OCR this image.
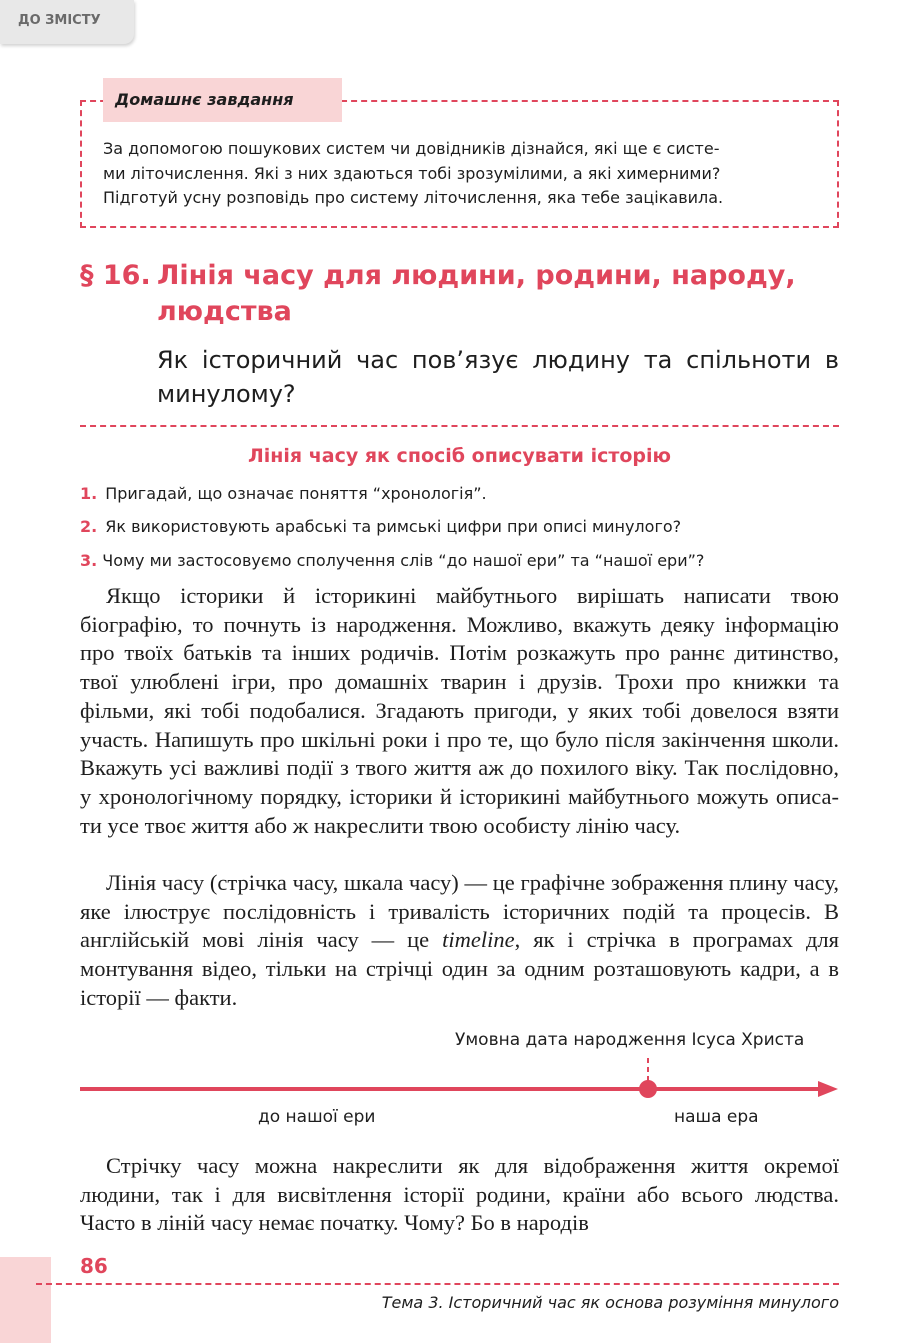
ДО ЗМІСТУ
Домашнє завдання
За допомогою пошукових систем чи довідників дізнайся, які ще є систе-
ми літочислення. Які з них здаються тобі зрозумілими, а які химерними?
Підготуй усну розповідь про систему літочислення, яка тебе зацікавила.
§ 16. Лінія часу для людини, родини, народу, людства
Як історичний час пов’язує людину та спільноти в минулому?
Лінія часу як спосіб описувати історію
1. Пригадай, що означає поняття “хронологія”.
2. Як використовують арабські та римські цифри при описі минулого?
3. Чому ми застосовуємо сполучення слів “до нашої ери” та “нашої ери”?
Якщо історики й історикині майбутнього вирішать написати твою біографію, то почнуть із народження. Можливо, вкажуть деяку інформацію про твоїх батьків та інших родичів. Потім розкажуть про раннє дитинство, твої улюблені ігри, про домашніх тварин і друзів. Трохи про книжки та фільми, які тобі подобалися. Згадають пригоди, у яких тобі довелося взяти участь. Напишуть про шкільні роки і про те, що було після закінчення школи. Вкажуть усі важливі події з твого життя аж до похилого віку. Так послідовно, у хронологічному порядку, історики й історикині майбутнього можуть описати усе твоє життя або ж накреслити твою особисту лінію часу.
Лінія часу (стрічка часу, шкала часу) — це графічне зображення плину часу, яке ілюструє послідовність і тривалість історичних подій та процесів. В англійській мові лінія часу — це timeline, як і стрічка в програмах для монтування відео, тільки на стрічці один за одним розташовують кадри, а в історії — факти.
Умовна дата народження Ісуса Христа
до нашої ери	наша ера
Стрічку часу можна накреслити як для відображення життя окремої людини, так і для висвітлення історії родини, країни або всього людства. Часто в ліній часу немає початку. Чому? Бо в народів
86
Тема 3. Історичний час як основа розуміння минулого
